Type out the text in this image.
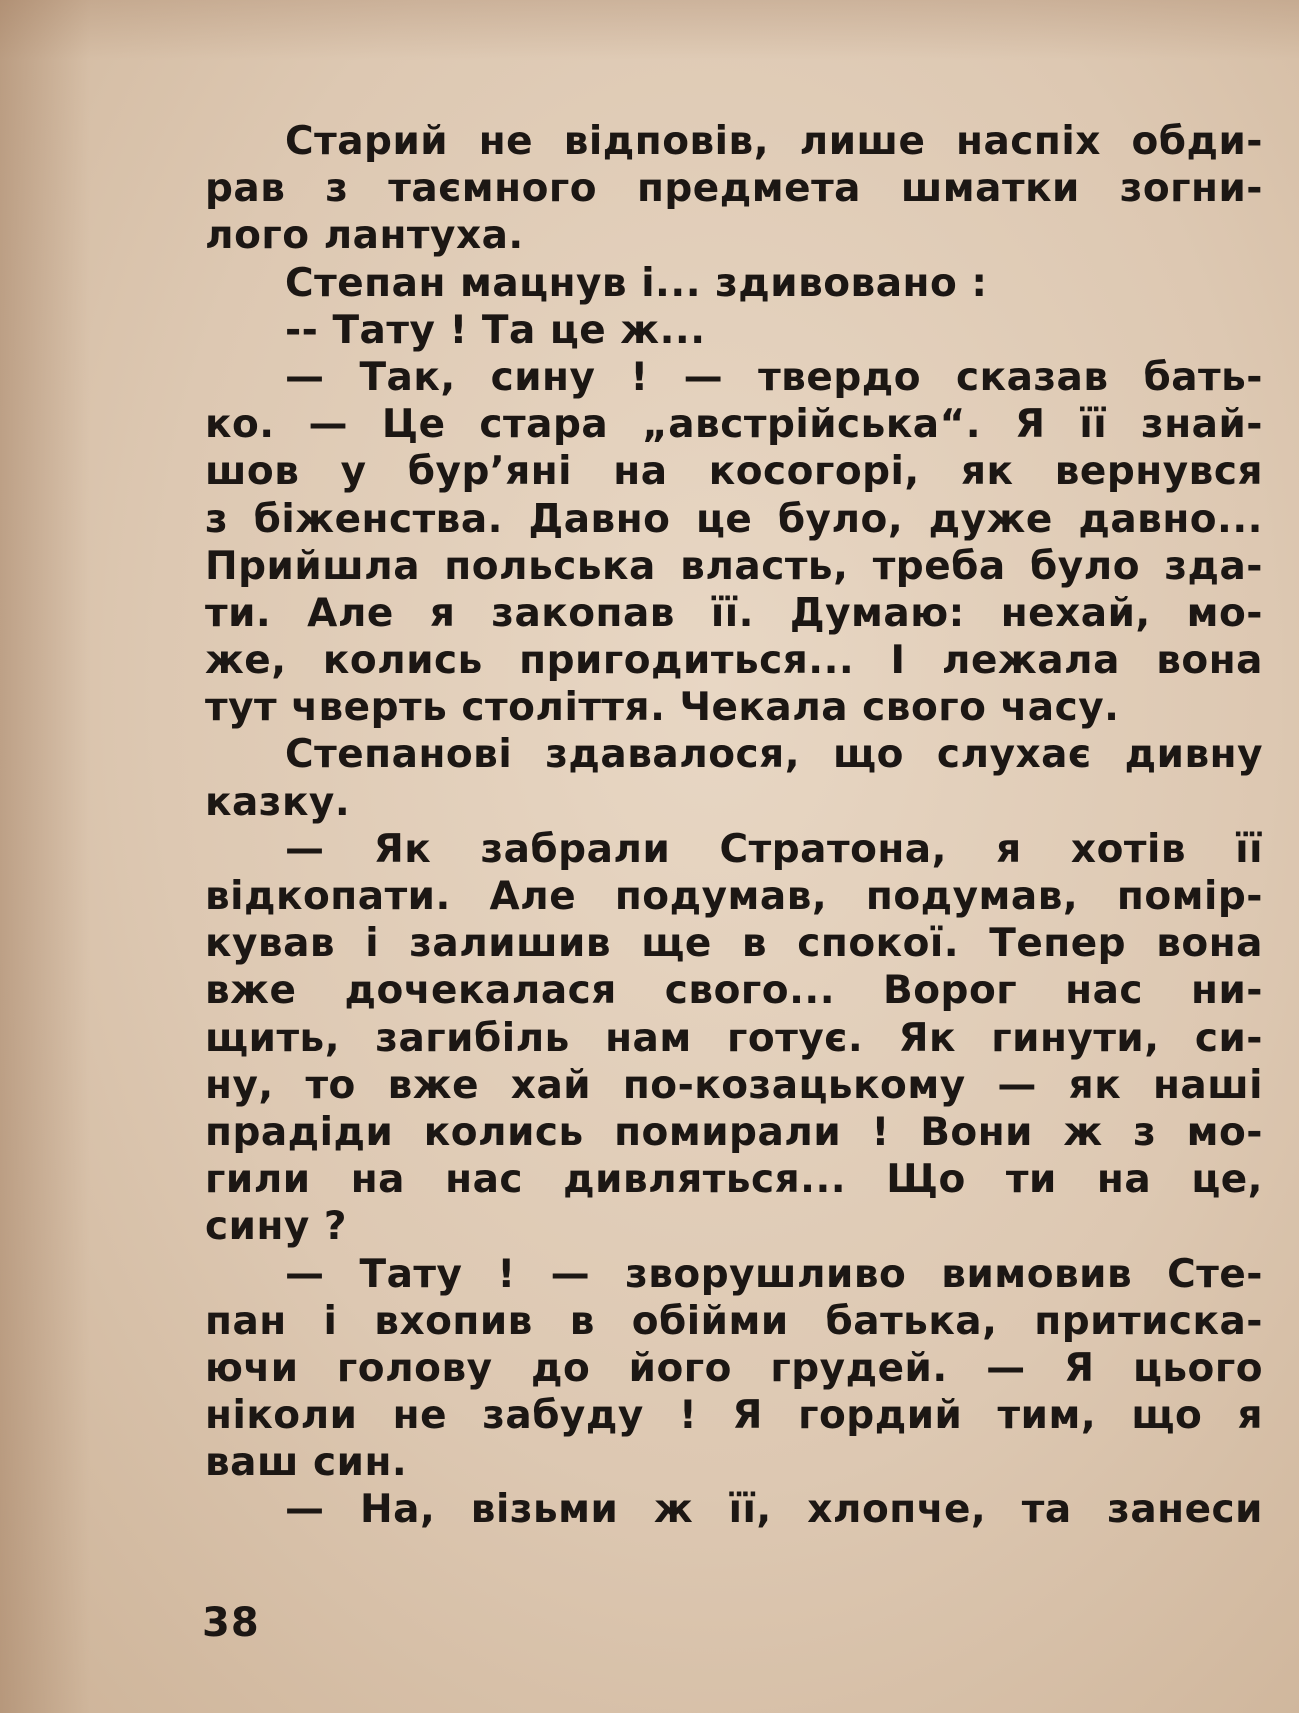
Старий не відповів, лише наспіх обди-
рав з таємного предмета шматки зогни-
лого лантуха.
Степан мацнув і... здивовано :
-- Тату ! Та це ж...
— Так, сину ! — твердо сказав бать-
ко. — Це стара „австрійська“. Я її знай-
шов у бур’яні на косогорі, як вернувся
з біженства. Давно це було, дуже давно...
Прийшла польська власть, треба було зда-
ти. Але я закопав її. Думаю: нехай, мо-
же, колись пригодиться... І лежала вона
тут чверть століття. Чекала свого часу.
Степанові здавалося, що слухає дивну
казку.
— Як забрали Стратона, я хотів її
відкопати. Але подумав, подумав, помір-
кував і залишив ще в спокої. Тепер вона
вже дочекалася свого... Ворог нас ни-
щить, загибіль нам готує. Як гинути, си-
ну, то вже хай по-козацькому — як наші
прадіди колись помирали ! Вони ж з мо-
гили на нас дивляться... Що ти на це,
сину ?
— Тату ! — зворушливо вимовив Сте-
пан і вхопив в обійми батька, притиска-
ючи голову до його грудей. — Я цього
ніколи не забуду ! Я гордий тим, що я
ваш син.
— На, візьми ж її, хлопче, та занеси
38
